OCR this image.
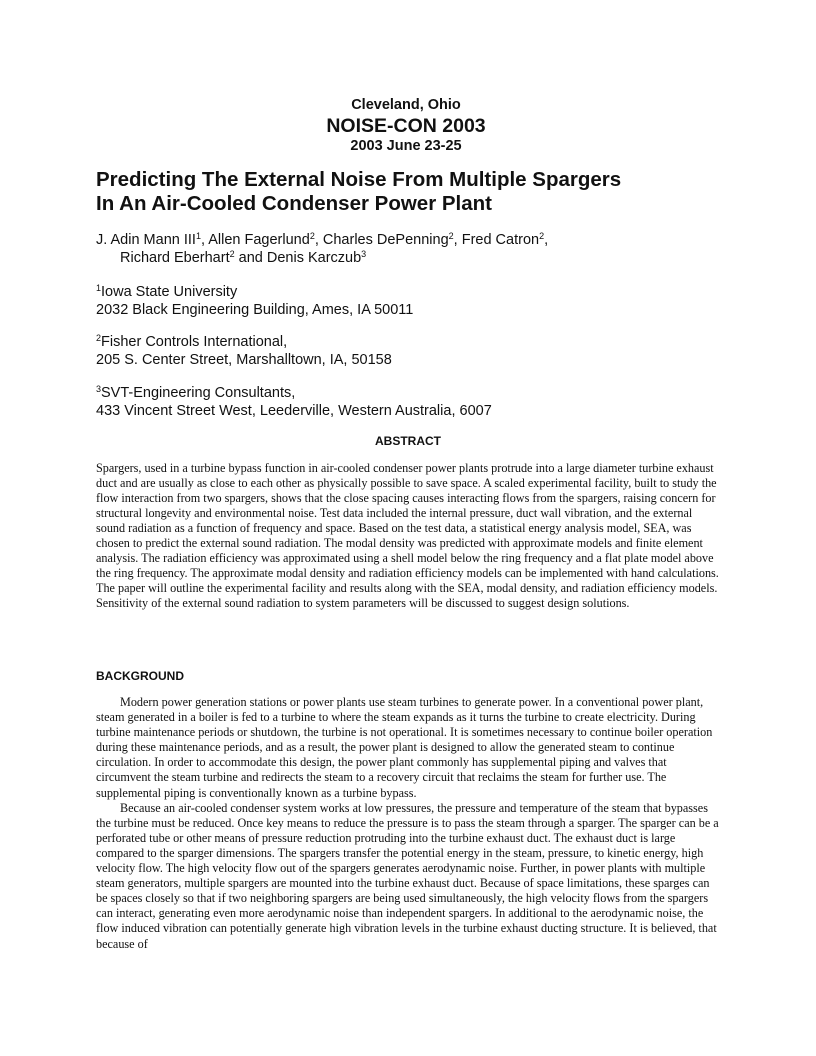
Cleveland, Ohio
NOISE-CON 2003
2003 June 23-25
Predicting The External Noise From Multiple Spargers
In An Air-Cooled Condenser Power Plant
J. Adin Mann III$^1$, Allen Fagerlund$^2$, Charles DePenning$^2$, Fred Catron$^2$,
Richard Eberhart$^2$ and Denis Karczub$^3$
$^1$Iowa State University
2032 Black Engineering Building, Ames, IA 50011
$^2$Fisher Controls International,
205 S. Center Street, Marshalltown, IA, 50158
$^3$SVT-Engineering Consultants,
433 Vincent Street West, Leederville, Western Australia, 6007
ABSTRACT

Spargers, used in a turbine bypass function in air-cooled condenser power plants protrude into a large diameter turbine exhaust duct and are usually as close to each other as physically possible to save space. A scaled experimental facility, built to study the flow interaction from two spargers, shows that the close spacing causes interacting flows from the spargers, raising concern for structural longevity and environmental noise. Test data included the internal pressure, duct wall vibration, and the external sound radiation as a function of frequency and space. Based on the test data, a statistical energy analysis model, SEA, was chosen to predict the external sound radiation. The modal density was predicted with approximate models and finite element analysis. The radiation efficiency was approximated using a shell model below the ring frequency and a flat plate model above the ring frequency. The approximate modal density and radiation efficiency models can be implemented with hand calculations. The paper will outline the experimental facility and results along with the SEA, modal density, and radiation efficiency models. Sensitivity of the external sound radiation to system parameters will be discussed to suggest design solutions.

BACKGROUND

Modern power generation stations or power plants use steam turbines to generate power. In a conventional power plant, steam generated in a boiler is fed to a turbine to where the steam expands as it turns the turbine to create electricity. During turbine maintenance periods or shutdown, the turbine is not operational. It is sometimes necessary to continue boiler operation during these maintenance periods, and as a result, the power plant is designed to allow the generated steam to continue circulation. In order to accommodate this design, the power plant commonly has supplemental piping and valves that circumvent the steam turbine and redirects the steam to a recovery circuit that reclaims the steam for further use. The supplemental piping is conventionally known as a turbine bypass.

Because an air-cooled condenser system works at low pressures, the pressure and temperature of the steam that bypasses the turbine must be reduced. Once key means to reduce the pressure is to pass the steam through a sparger. The sparger can be a perforated tube or other means of pressure reduction protruding into the turbine exhaust duct. The exhaust duct is large compared to the sparger dimensions. The spargers transfer the potential energy in the steam, pressure, to kinetic energy, high velocity flow. The high velocity flow out of the spargers generates aerodynamic noise. Further, in power plants with multiple steam generators, multiple spargers are mounted into the turbine exhaust duct. Because of space limitations, these sparges can be spaces closely so that if two neighboring spargers are being used simultaneously, the high velocity flows from the spargers can interact, generating even more aerodynamic noise than independent spargers. In additional to the aerodynamic noise, the flow induced vibration can potentially generate high vibration levels in the turbine exhaust ducting structure. It is believed, that because of
